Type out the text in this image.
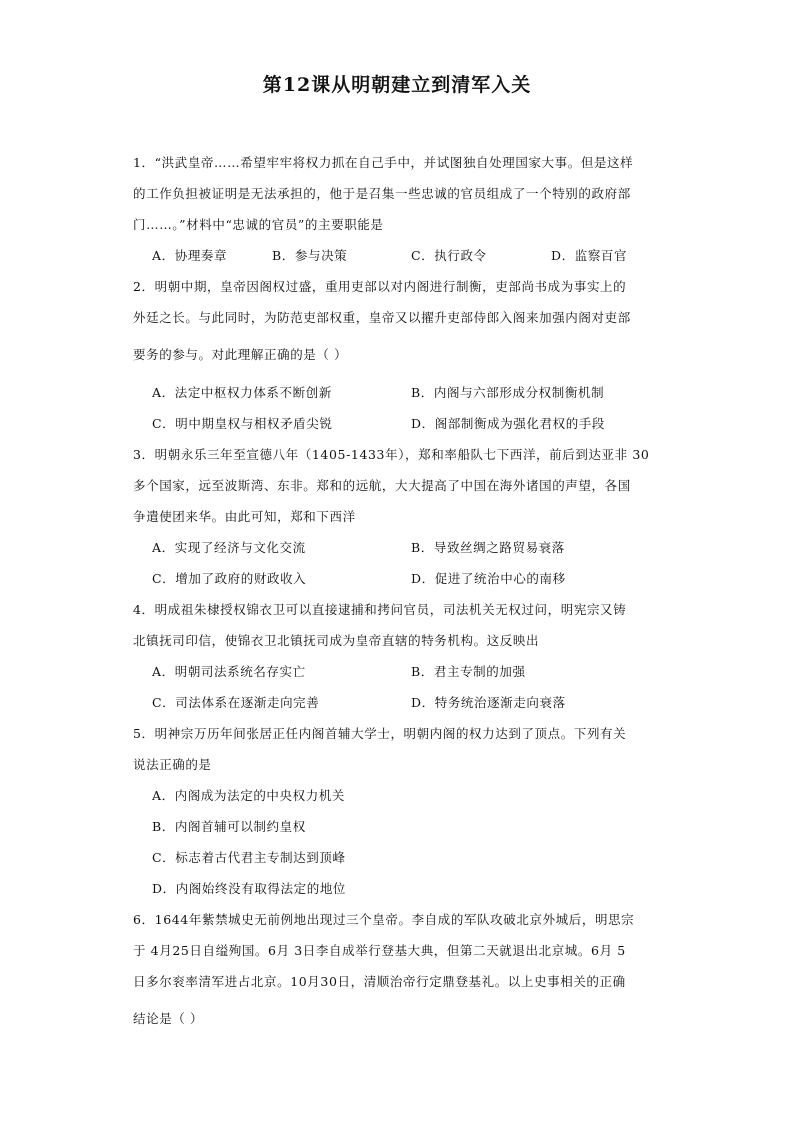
第12课从明朝建立到清军入关
1．“洪武皇帝……希望牢牢将权力抓在自己手中，并试图独自处理国家大事。但是这样
的工作负担被证明是无法承担的，他于是召集一些忠诚的官员组成了一个特别的政府部
门……。”材料中“忠诚的官员”的主要职能是
A．协理奏章	B．参与决策	C．执行政令	D．监察百官
2．明朝中期，皇帝因阁权过盛，重用吏部以对内阁进行制衡，吏部尚书成为事实上的
外廷之长。与此同时，为防范吏部权重，皇帝又以擢升吏部侍郎入阁来加强内阁对吏部
要务的参与。对此理解正确的是（ ）
A．法定中枢权力体系不断创新	B．内阁与六部形成分权制衡机制
C．明中期皇权与相权矛盾尖锐	D．阁部制衡成为强化君权的手段
3．明朝永乐三年至宣德八年（1405-1433年），郑和率船队七下西洋，前后到达亚非 30
多个国家，远至波斯湾、东非。郑和的远航，大大提高了中国在海外诸国的声望，各国
争遣使团来华。由此可知，郑和下西洋
A．实现了经济与文化交流	B．导致丝绸之路贸易衰落
C．增加了政府的财政收入	D．促进了统治中心的南移
4．明成祖朱棣授权锦衣卫可以直接逮捕和拷问官员，司法机关无权过问，明宪宗又铸
北镇抚司印信，使锦衣卫北镇抚司成为皇帝直辖的特务机构。这反映出
A．明朝司法系统名存实亡	B．君主专制的加强
C．司法体系在逐渐走向完善	D．特务统治逐渐走向衰落
5．明神宗万历年间张居正任内阁首辅大学士，明朝内阁的权力达到了顶点。下列有关
说法正确的是
A．内阁成为法定的中央权力机关
B．内阁首辅可以制约皇权
C．标志着古代君主专制达到顶峰
D．内阁始终没有取得法定的地位
6．1644年紫禁城史无前例地出现过三个皇帝。李自成的军队攻破北京外城后，明思宗
于 4月25日自缢殉国。6月 3日李自成举行登基大典，但第二天就退出北京城。6月 5
日多尔衮率清军进占北京。10月30日，清顺治帝行定鼎登基礼。以上史事相关的正确
结论是（ ）
